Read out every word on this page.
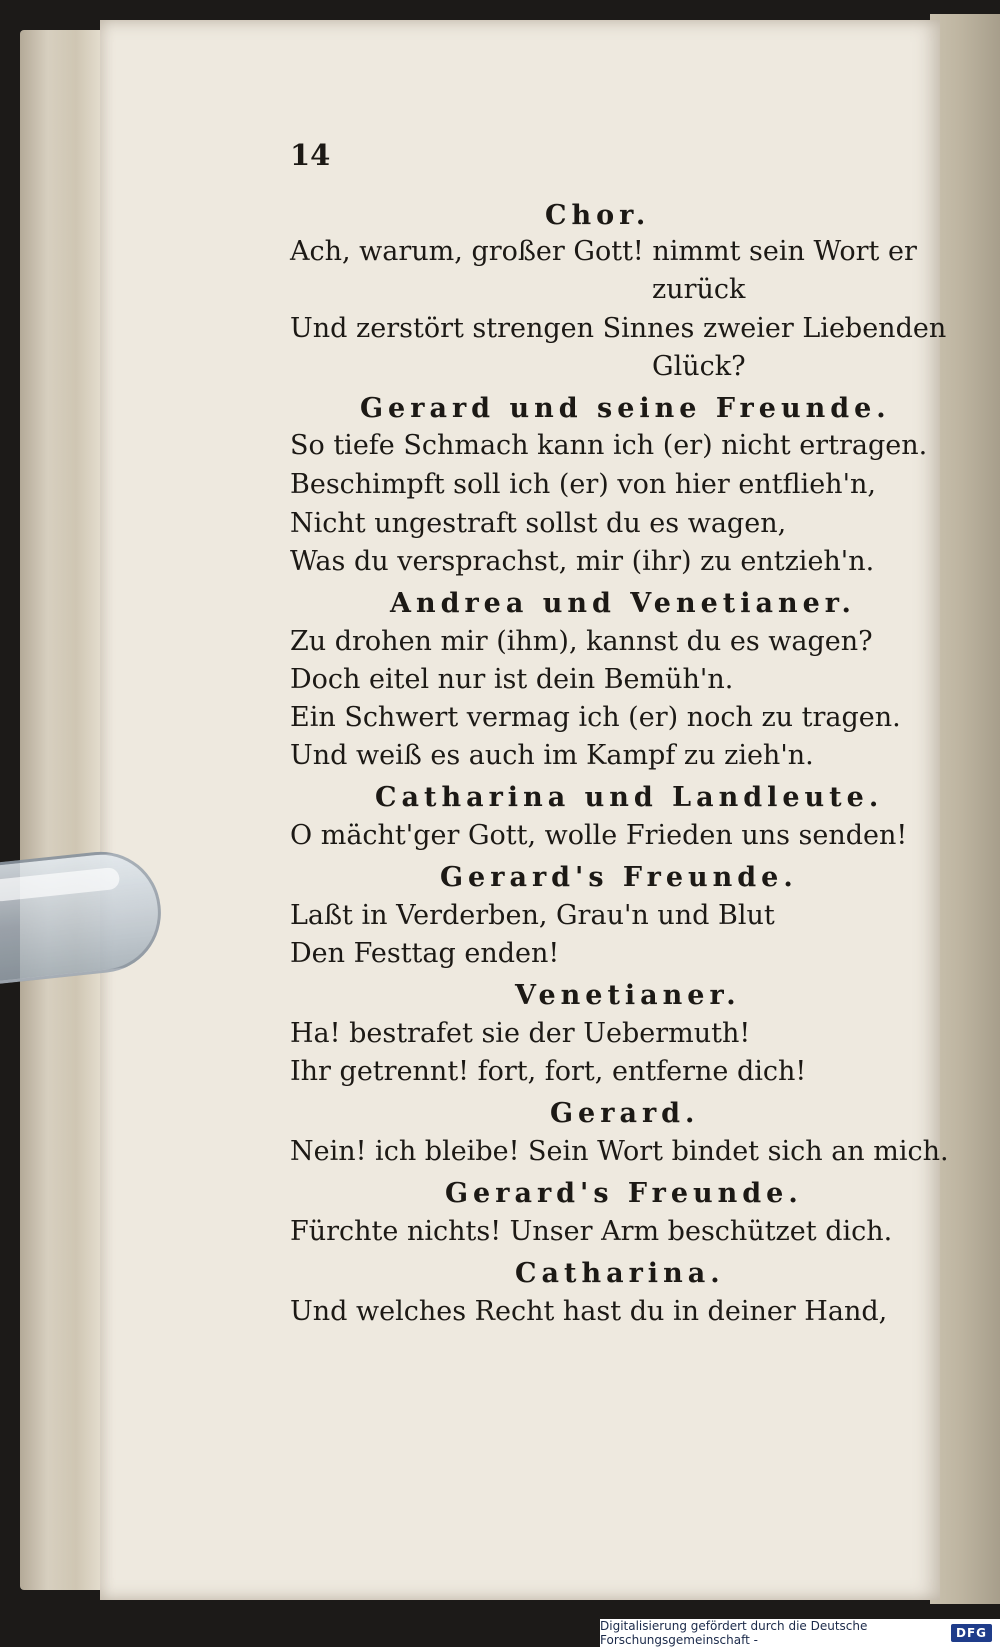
14
Chor.
Ach, warum, großer Gott! nimmt sein Wort er
zurück
Und zerstört strengen Sinnes zweier Liebenden
Glück?
Gerard und seine Freunde.
So tiefe Schmach kann ich (er) nicht ertragen.
Beschimpft soll ich (er) von hier entflieh'n,
Nicht ungestraft sollst du es wagen,
Was du versprachst, mir (ihr) zu entzieh'n.
Andrea und Venetianer.
Zu drohen mir (ihm), kannst du es wagen?
Doch eitel nur ist dein Bemüh'n.
Ein Schwert vermag ich (er) noch zu tragen.
Und weiß es auch im Kampf zu zieh'n.
Catharina und Landleute.
O mächt'ger Gott, wolle Frieden uns senden!
Gerard's Freunde.
Laßt in Verderben, Grau'n und Blut
Den Festtag enden!
Venetianer.
Ha! bestrafet sie der Uebermuth!
Ihr getrennt! fort, fort, entferne dich!
Gerard.
Nein! ich bleibe! Sein Wort bindet sich an mich.
Gerard's Freunde.
Fürchte nichts! Unser Arm beschützet dich.
Catharina.
Und welches Recht hast du in deiner Hand,
Digitalisierung gefördert durch die Deutsche Forschungsgemeinschaft -	DFG
